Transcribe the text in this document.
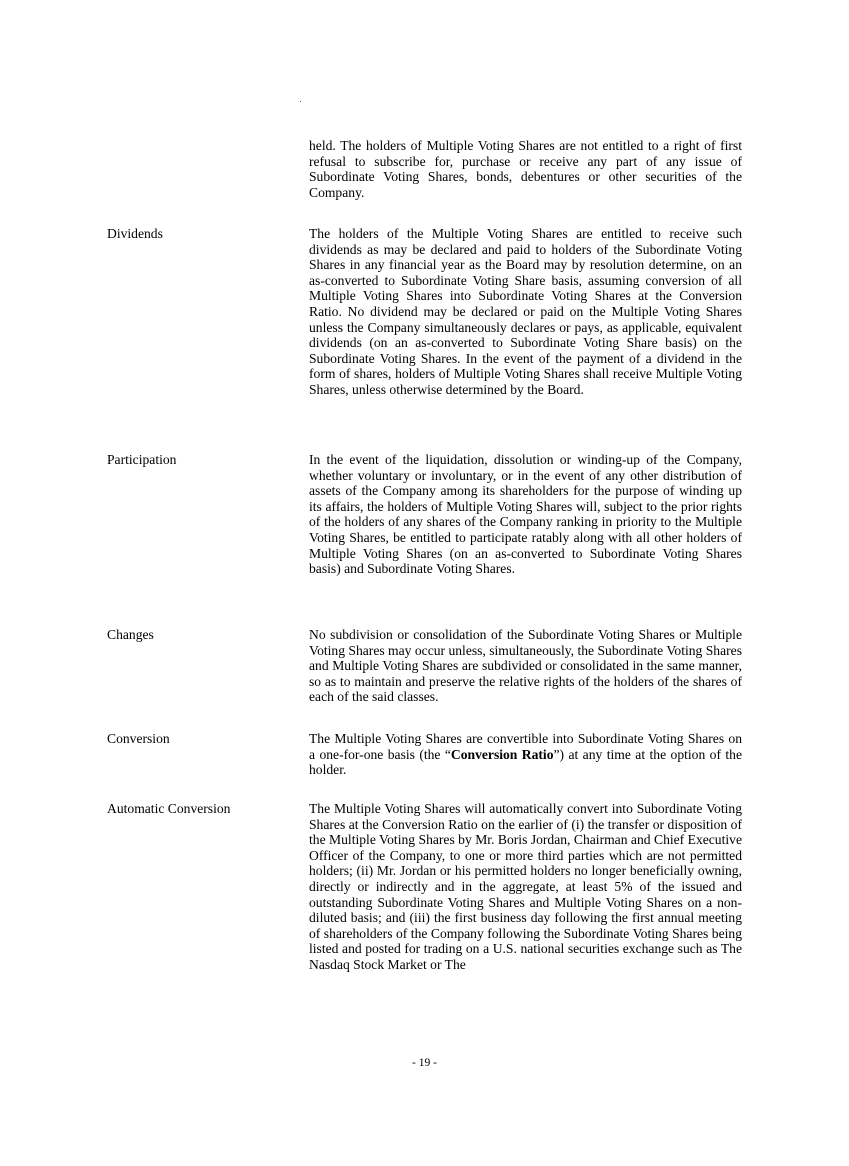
held. The holders of Multiple Voting Shares are not entitled to a right of first refusal to subscribe for, purchase or receive any part of any issue of Subordinate Voting Shares, bonds, debentures or other securities of the Company.
Dividends	The holders of the Multiple Voting Shares are entitled to receive such dividends as may be declared and paid to holders of the Subordinate Voting Shares in any financial year as the Board may by resolution determine, on an as-converted to Subordinate Voting Share basis, assuming conversion of all Multiple Voting Shares into Subordinate Voting Shares at the Conversion Ratio. No dividend may be declared or paid on the Multiple Voting Shares unless the Company simultaneously declares or pays, as applicable, equivalent dividends (on an as-converted to Subordinate Voting Share basis) on the Subordinate Voting Shares. In the event of the payment of a dividend in the form of shares, holders of Multiple Voting Shares shall receive Multiple Voting Shares, unless otherwise determined by the Board.
Participation	In the event of the liquidation, dissolution or winding-up of the Company, whether voluntary or involuntary, or in the event of any other distribution of assets of the Company among its shareholders for the purpose of winding up its affairs, the holders of Multiple Voting Shares will, subject to the prior rights of the holders of any shares of the Company ranking in priority to the Multiple Voting Shares, be entitled to participate ratably along with all other holders of Multiple Voting Shares (on an as-converted to Subordinate Voting Shares basis) and Subordinate Voting Shares.
Changes	No subdivision or consolidation of the Subordinate Voting Shares or Multiple Voting Shares may occur unless, simultaneously, the Subordinate Voting Shares and Multiple Voting Shares are subdivided or consolidated in the same manner, so as to maintain and preserve the relative rights of the holders of the shares of each of the said classes.
Conversion	The Multiple Voting Shares are convertible into Subordinate Voting Shares on a one-for-one basis (the “Conversion Ratio”) at any time at the option of the holder.
Automatic Conversion	The Multiple Voting Shares will automatically convert into Subordinate Voting Shares at the Conversion Ratio on the earlier of (i) the transfer or disposition of the Multiple Voting Shares by Mr. Boris Jordan, Chairman and Chief Executive Officer of the Company, to one or more third parties which are not permitted holders; (ii) Mr. Jordan or his permitted holders no longer beneficially owning, directly or indirectly and in the aggregate, at least 5% of the issued and outstanding Subordinate Voting Shares and Multiple Voting Shares on a non-diluted basis; and (iii) the first business day following the first annual meeting of shareholders of the Company following the Subordinate Voting Shares being listed and posted for trading on a U.S. national securities exchange such as The Nasdaq Stock Market or The
- 19 -
